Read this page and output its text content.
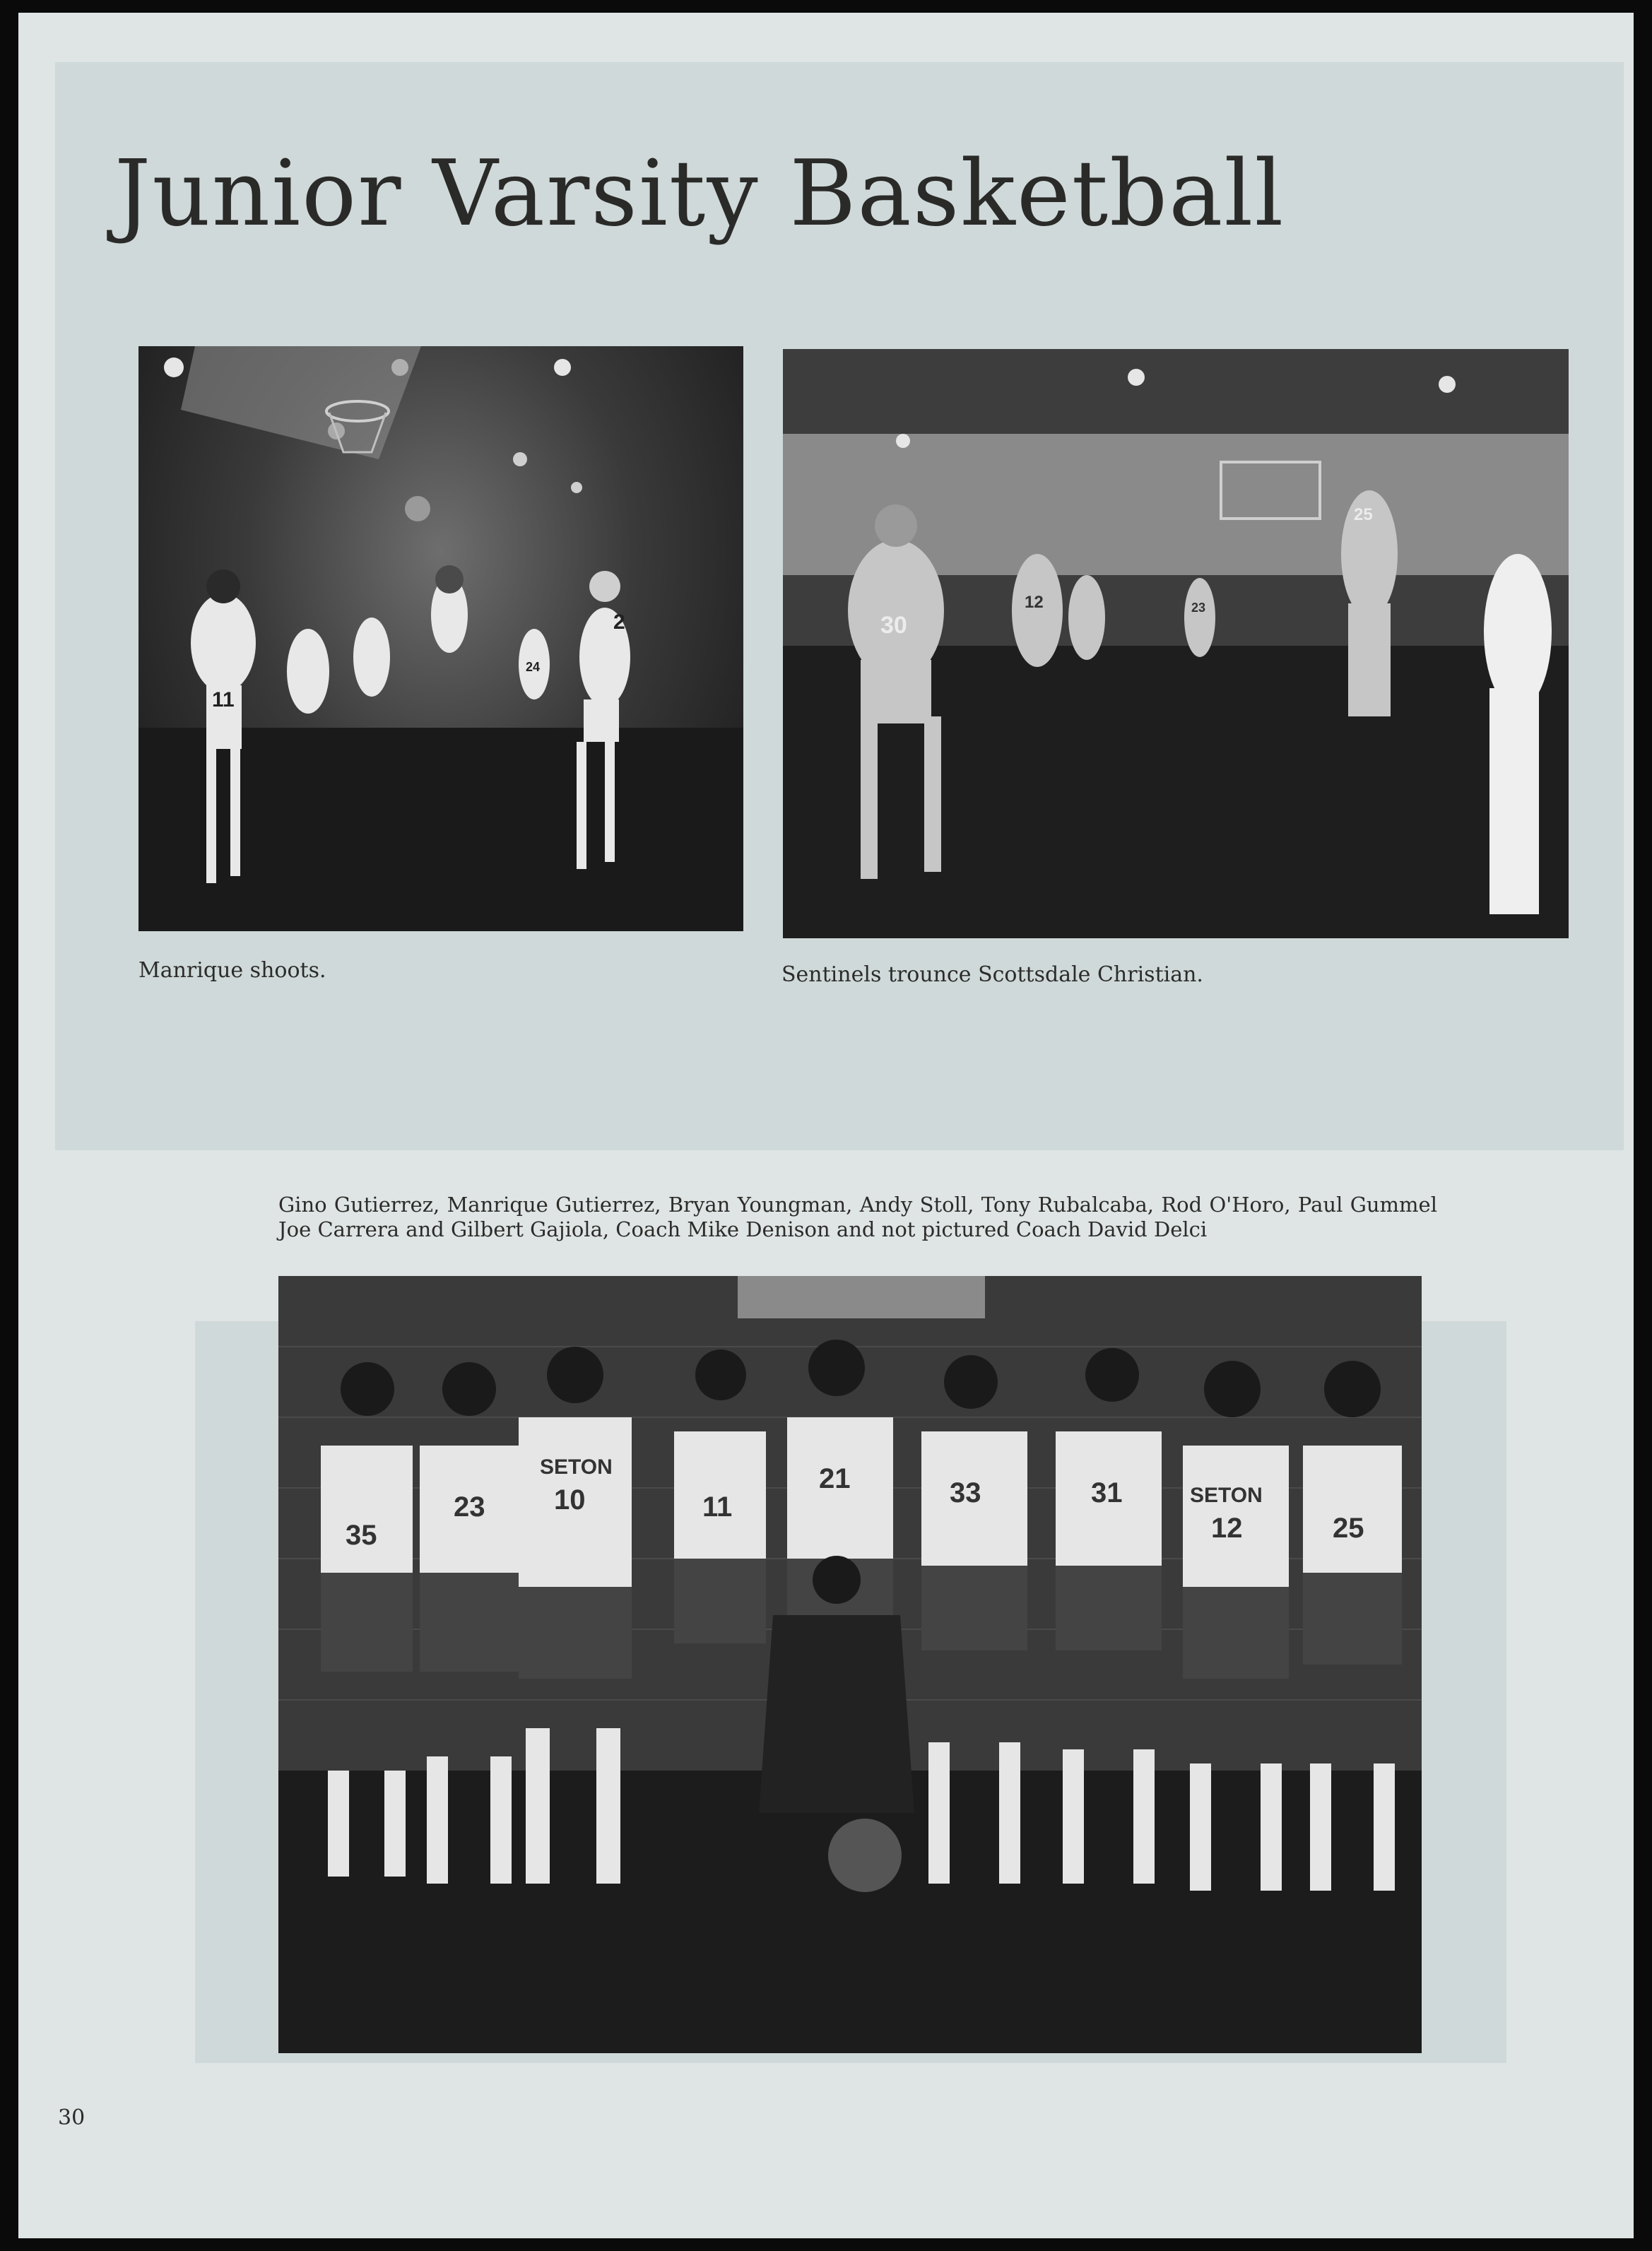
Junior Varsity Basketball
11
24
2

Manrique shoots.

30
12	23
25

Sentinels trounce Scottsdale Christian.

Gino Gutierrez, Manrique Gutierrez, Bryan Youngman, Andy Stoll, Tony Rubalcaba, Rod O'Horo, Paul Gummel Joe Carrera and Gilbert Gajiola, Coach Mike Denison and not pictured Coach David Delci

35
23
SETON
10	11
21	33	31	SETON
12	25
30
